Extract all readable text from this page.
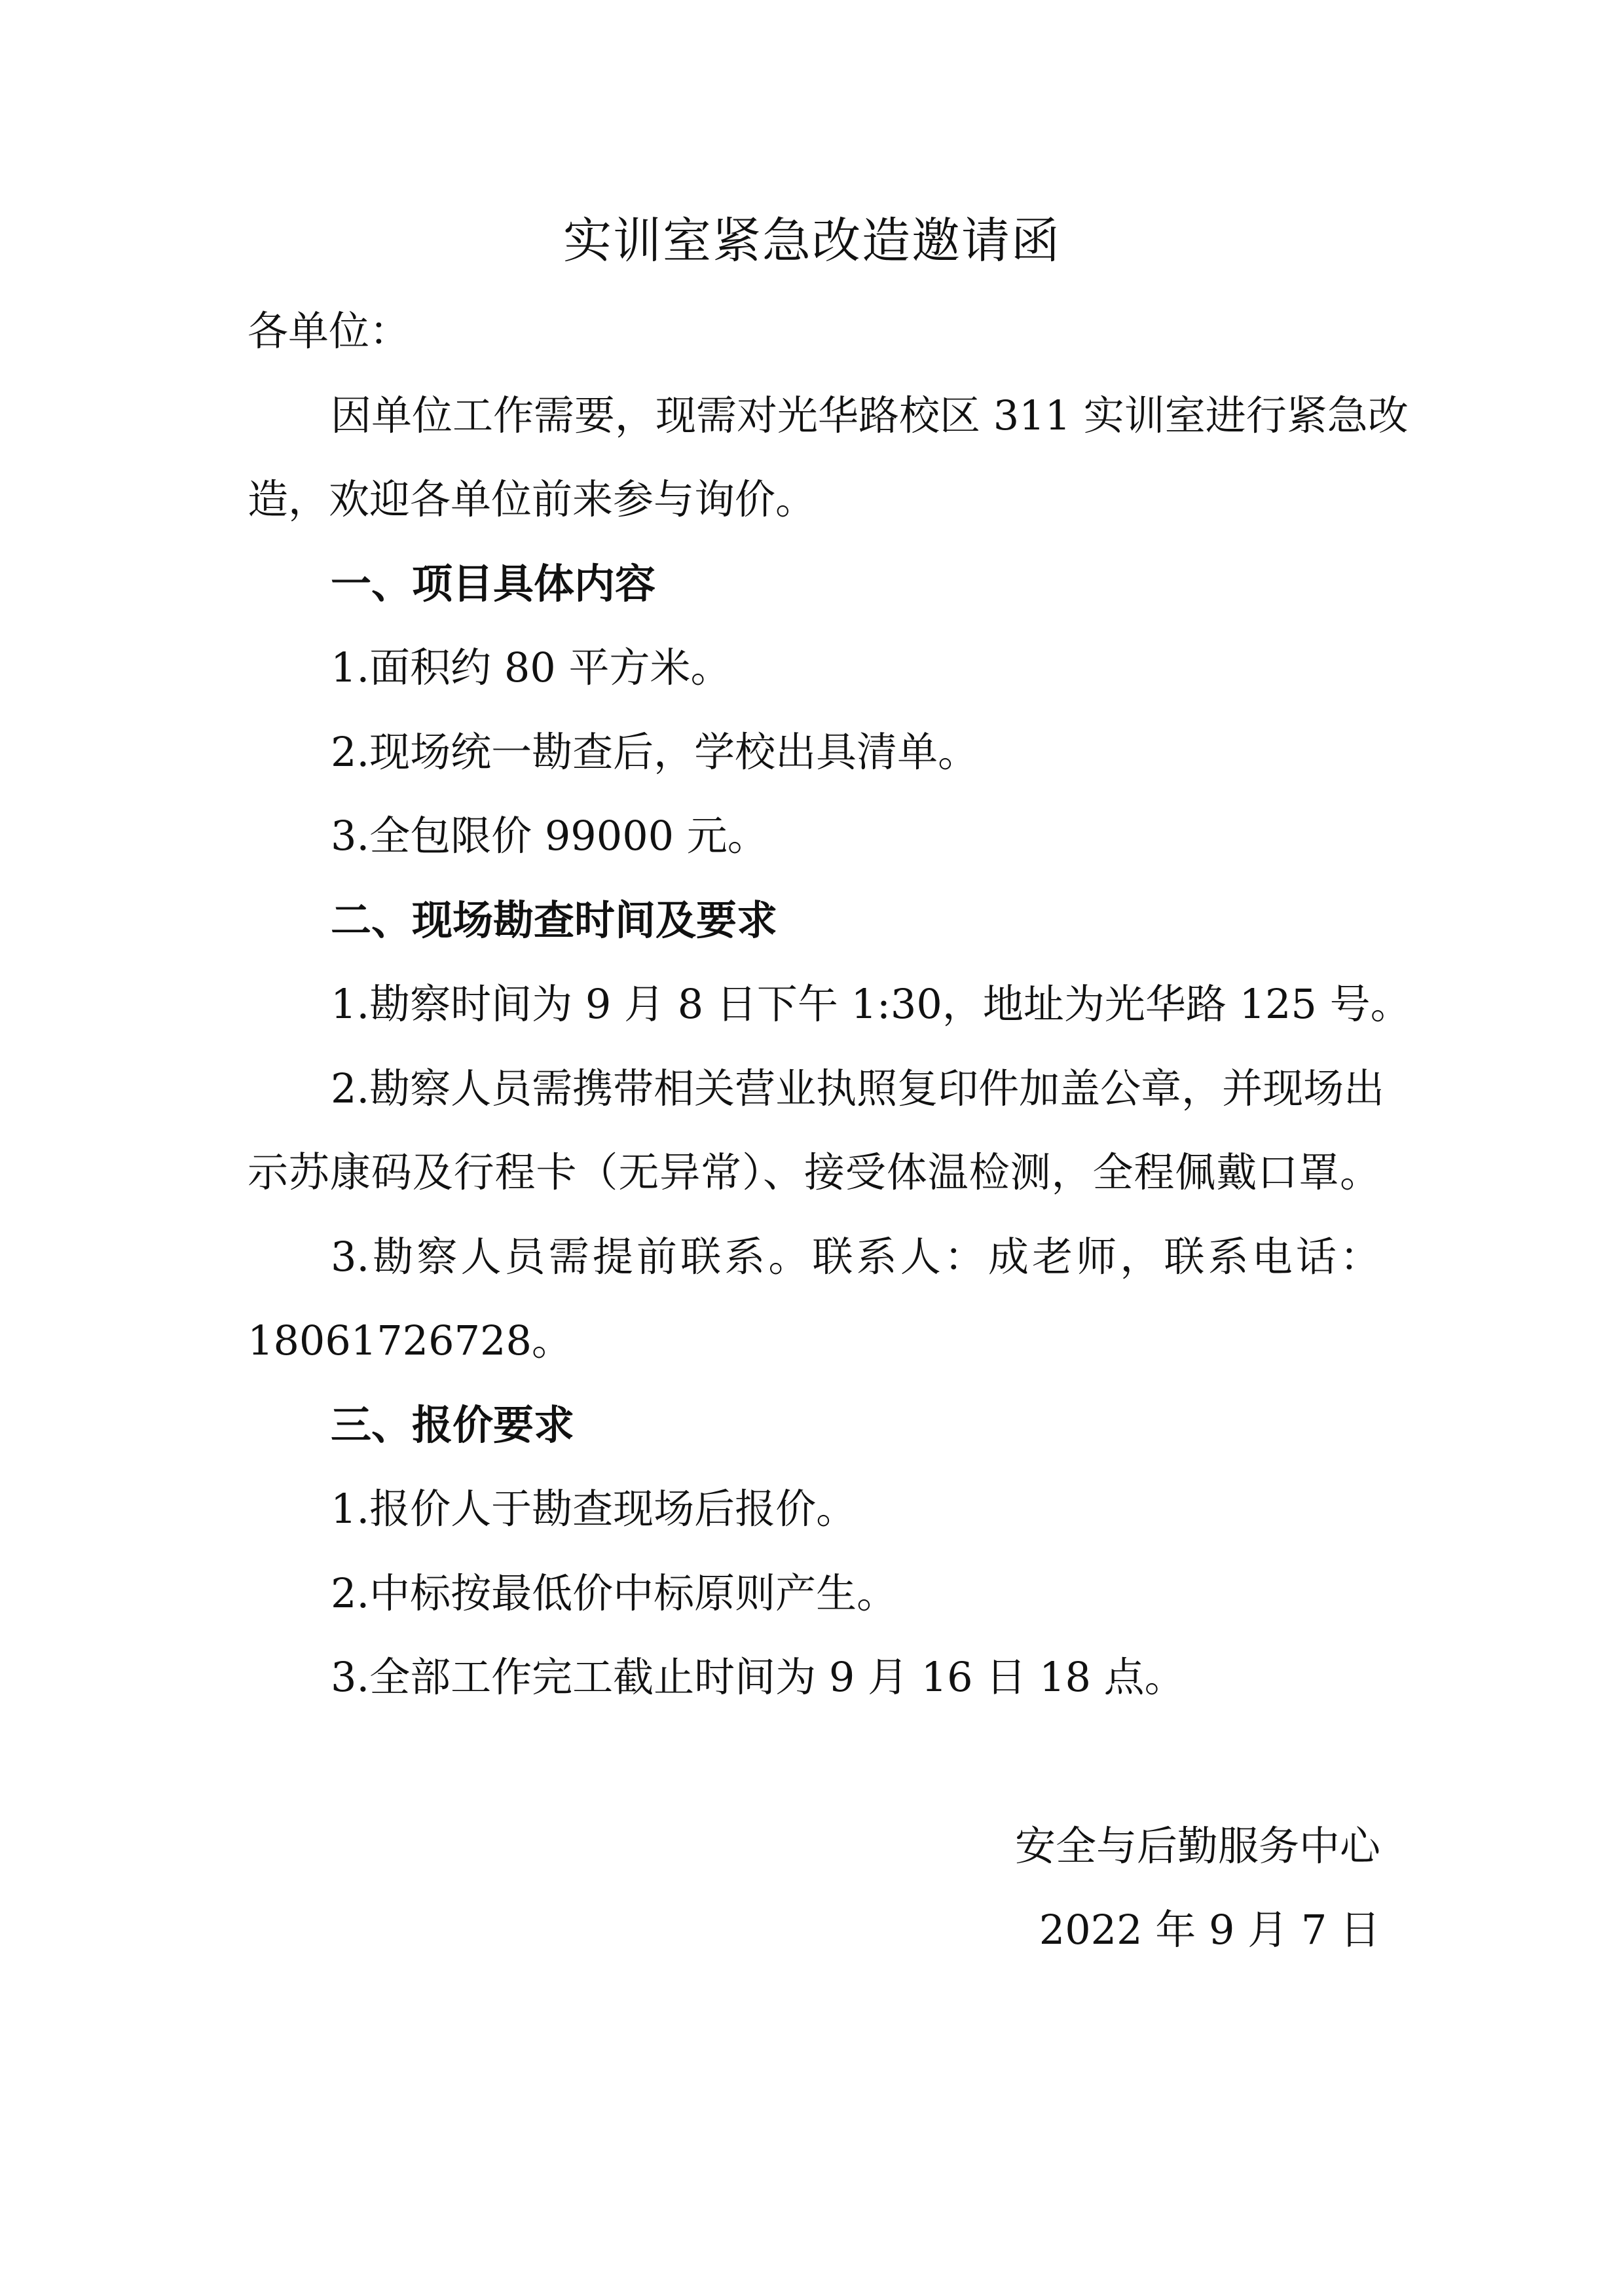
实训室紧急改造邀请函
各单位：
因单位工作需要，现需对光华路校区 311 实训室进行紧急改
造，欢迎各单位前来参与询价。
一、项目具体内容
1.面积约 80 平方米。
2.现场统一勘查后，学校出具清单。
3.全包限价 99000 元。
二、现场勘查时间及要求
1.勘察时间为 9 月 8 日下午 1:30，地址为光华路 125 号。
2.勘察人员需携带相关营业执照复印件加盖公章，并现场出
示苏康码及行程卡（无异常）、接受体温检测，全程佩戴口罩。
3.勘察人员需提前联系。联系人：成老师，联系电话：
18061726728。
三、报价要求
1.报价人于勘查现场后报价。
2.中标按最低价中标原则产生。
3.全部工作完工截止时间为 9 月 16 日 18 点。
安全与后勤服务中心
2022 年 9 月 7 日
